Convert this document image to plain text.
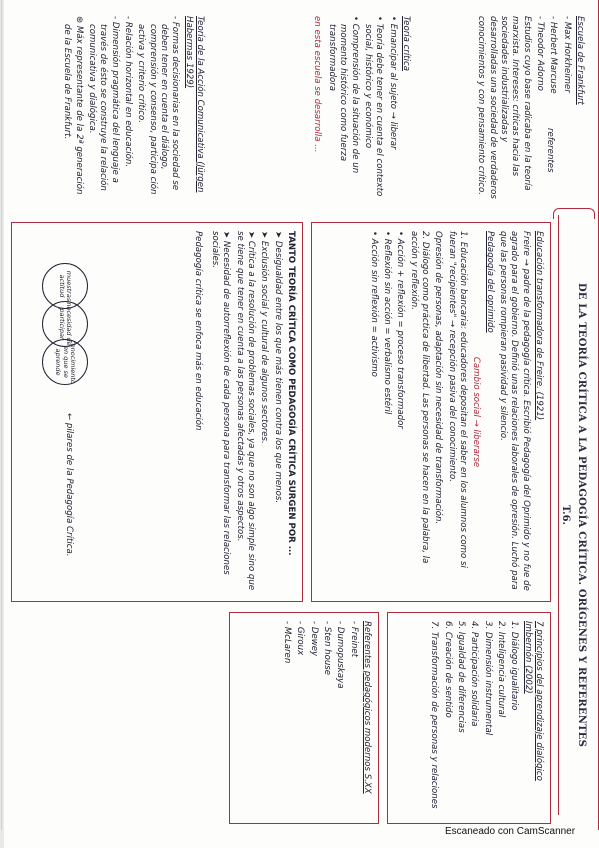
DE LA TEORÍA CRÍTICA A LA PEDAGOGÍA CRÍTICA. ORÍGENES Y REFERENTES
T.6.

Escuela de Frankfurt

- Max Horkheimer

- Herbert Marcuse

- Theodor Adorno

referentes

Estudios cuyo base radicaba en la teoría marxista. Intereses: críticas hacia las sociedades industrializadas y desarrolladas una sociedad de verdaderos conocimientos y con pensamiento crítico.

Teoría crítica

• Emancipar al sujeto → liberar

• Teoría debe tener en cuenta el contexto social, histórico y económico

• Comprensión de la situación de un momento histórico como fuerza transformadora

en esta escuela se desarrolla ...

Teoría de la Acción Comunicativa (Jürgen Habermas 1929)

- Formas decisionarias en la sociedad se deben tener en cuenta el diálogo, comprensión y consenso, participa ción activa y criterio crítico.

- Relación horizontal en educación.

- Dimensión pragmática del lenguaje a través de ésto se construye la relación comunicativa y dialógica.

⊛ Máx representante de la 2ª generación de la Escuela de Frankfurt.

Educación transformadora de Freire. (1921)

Freire → padre de la pedagogía crítica. Escribió Pedagogía del Oprimido y no fue de agrado para el gobierno. Definió unas relaciones laborales de opresión. Luchó para que las personas rompieran pasividad y silencio.

Pedagogía del oprimido

Cambio social → liberarse

1. Educación bancaria: educadores depositan el saber en los alumnos como si fueran "recipientes" → recepción pasiva del conocimiento.

Opresión de personas, adaptación sin necesidad de transformación.

2. Diálogo como práctica de libertad. Las personas se hacen en la palabra, la acción y reflexión.

• Acción + reflexión = proceso transformador

• Reflexión sin acción = verbalismo estéril

• Acción sin reflexión = activismo

TANTO TEORÍA CRÍTICA COMO PEDAGOGÍA CRÍTICA SURGEN POR ...

➤ Desigualdad entre los que más tienen contra los que menos.

➤ Exclusión social y cultural de algunos sectores.

➤ Crítica a la resolución de problemas sociales, ya que no son algo simple sino que se tiene que tener en cuenta a las personas afectadas y otros aspectos.

➤ Necesidad de autorreflexión de cada persona para transformar las relaciones sociales.

Pedagogía crítica se enfoca más en educación

muestras actitud
necesidad de participar
conocimiento en que se aprende

← pilares de la Pedagogía Crítica.

7 principios del aprendizaje dialógico Imbernón (2002)

1. Diálogo igualitario

2. Inteligencia cultural

3. Dimensión instrumental

4. Participación solidaria

5. Igualdad de diferencias

6. Creación de sentido

7. Transformación de personas y relaciones

Referentes pedagógicos modernos S.XX

- Freinet

- Dumopuskaya

- Sten house

- Dewey

- Giroux

- McLaren

Escaneado con CamScanner
